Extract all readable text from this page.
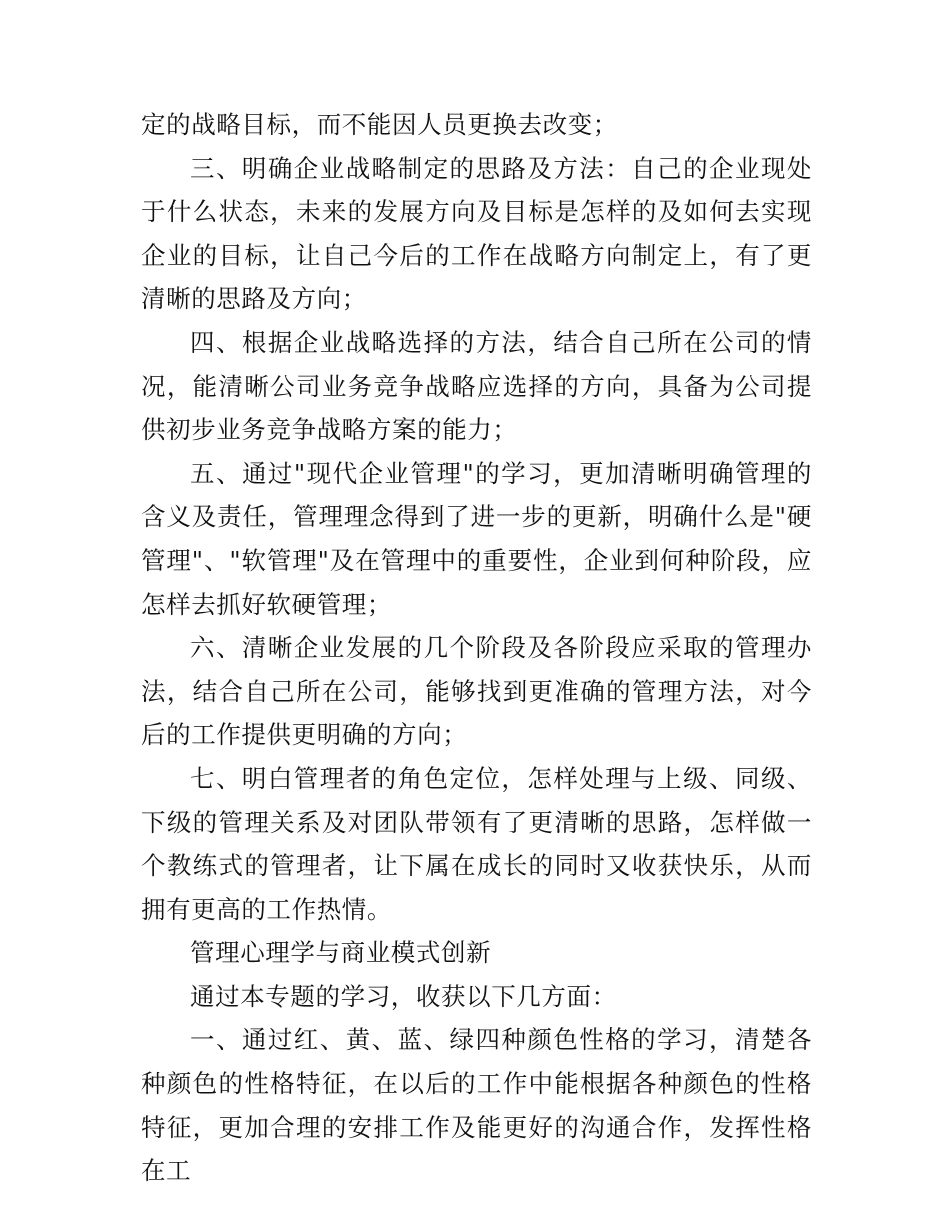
定的战略目标，而不能因人员更换去改变；

三、明确企业战略制定的思路及方法：自己的企业现处于什么状态，未来的发展方向及目标是怎样的及如何去实现企业的目标，让自己今后的工作在战略方向制定上，有了更清晰的思路及方向；

四、根据企业战略选择的方法，结合自己所在公司的情况，能清晰公司业务竞争战略应选择的方向，具备为公司提供初步业务竞争战略方案的能力；

五、通过"现代企业管理"的学习，更加清晰明确管理的含义及责任，管理理念得到了进一步的更新，明确什么是"硬管理"、"软管理"及在管理中的重要性，企业到何种阶段，应怎样去抓好软硬管理；

六、清晰企业发展的几个阶段及各阶段应采取的管理办法，结合自己所在公司，能够找到更准确的管理方法，对今后的工作提供更明确的方向；

七、明白管理者的角色定位，怎样处理与上级、同级、下级的管理关系及对团队带领有了更清晰的思路，怎样做一个教练式的管理者，让下属在成长的同时又收获快乐，从而拥有更高的工作热情。

管理心理学与商业模式创新

通过本专题的学习，收获以下几方面：

一、通过红、黄、蓝、绿四种颜色性格的学习，清楚各种颜色的性格特征，在以后的工作中能根据各种颜色的性格特征，更加合理的安排工作及能更好的沟通合作，发挥性格在工
